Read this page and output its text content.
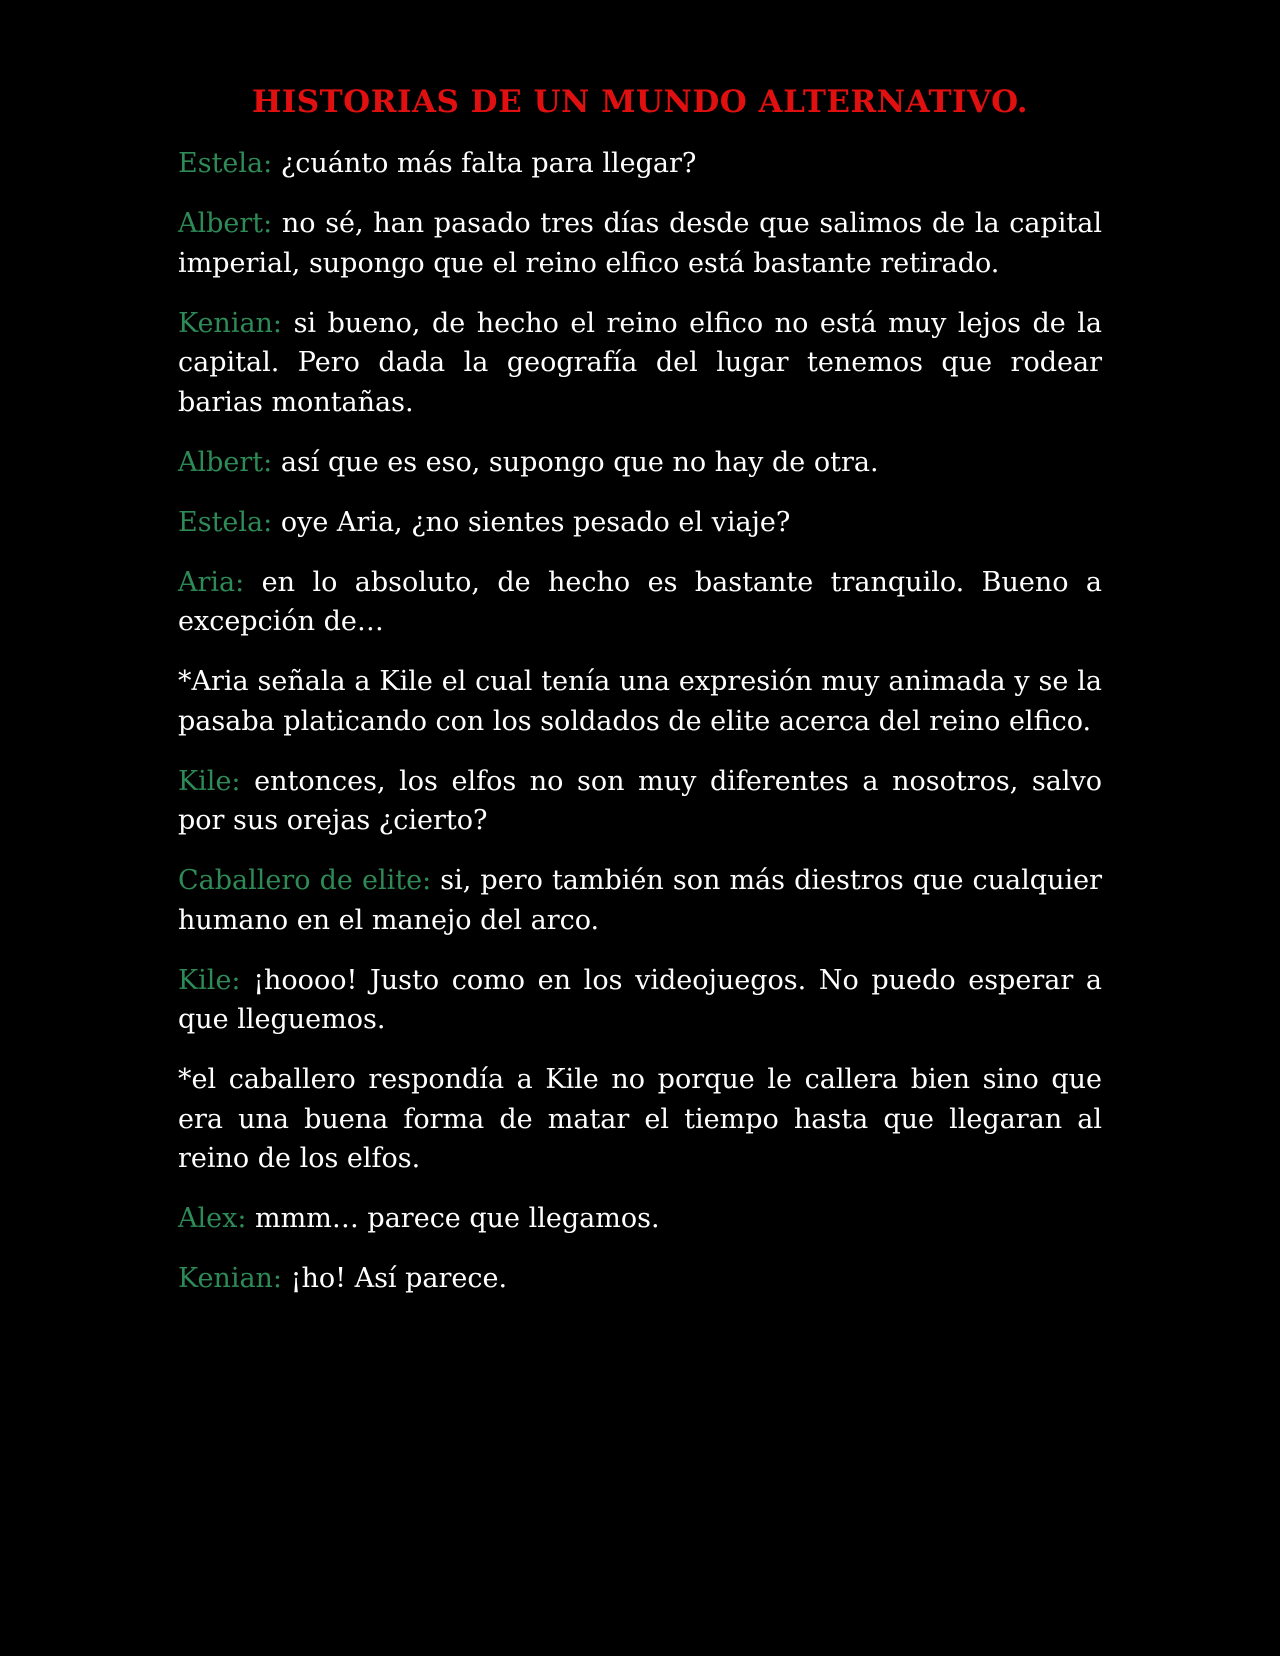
HISTORIAS DE UN MUNDO ALTERNATIVO.

Estela: ¿cuánto más falta para llegar?

Albert: no sé, han pasado tres días desde que salimos de la capital imperial, supongo que el reino elfico está bastante retirado.

Kenian: si bueno, de hecho el reino elfico no está muy lejos de la capital. Pero dada la geografía del lugar tenemos que rodear barias montañas.

Albert: así que es eso, supongo que no hay de otra.

Estela: oye Aria, ¿no sientes pesado el viaje?

Aria: en lo absoluto, de hecho es bastante tranquilo. Bueno a excepción de…

*Aria señala a Kile el cual tenía una expresión muy animada y se la pasaba platicando con los soldados de elite acerca del reino elfico.

Kile: entonces, los elfos no son muy diferentes a nosotros, salvo por sus orejas ¿cierto?

Caballero de elite: si, pero también son más diestros que cualquier humano en el manejo del arco.

Kile: ¡hoooo! Justo como en los videojuegos. No puedo esperar a que lleguemos.

*el caballero respondía a Kile no porque le callera bien sino que era una buena forma de matar el tiempo hasta que llegaran al reino de los elfos.

Alex: mmm… parece que llegamos.

Kenian: ¡ho! Así parece.
